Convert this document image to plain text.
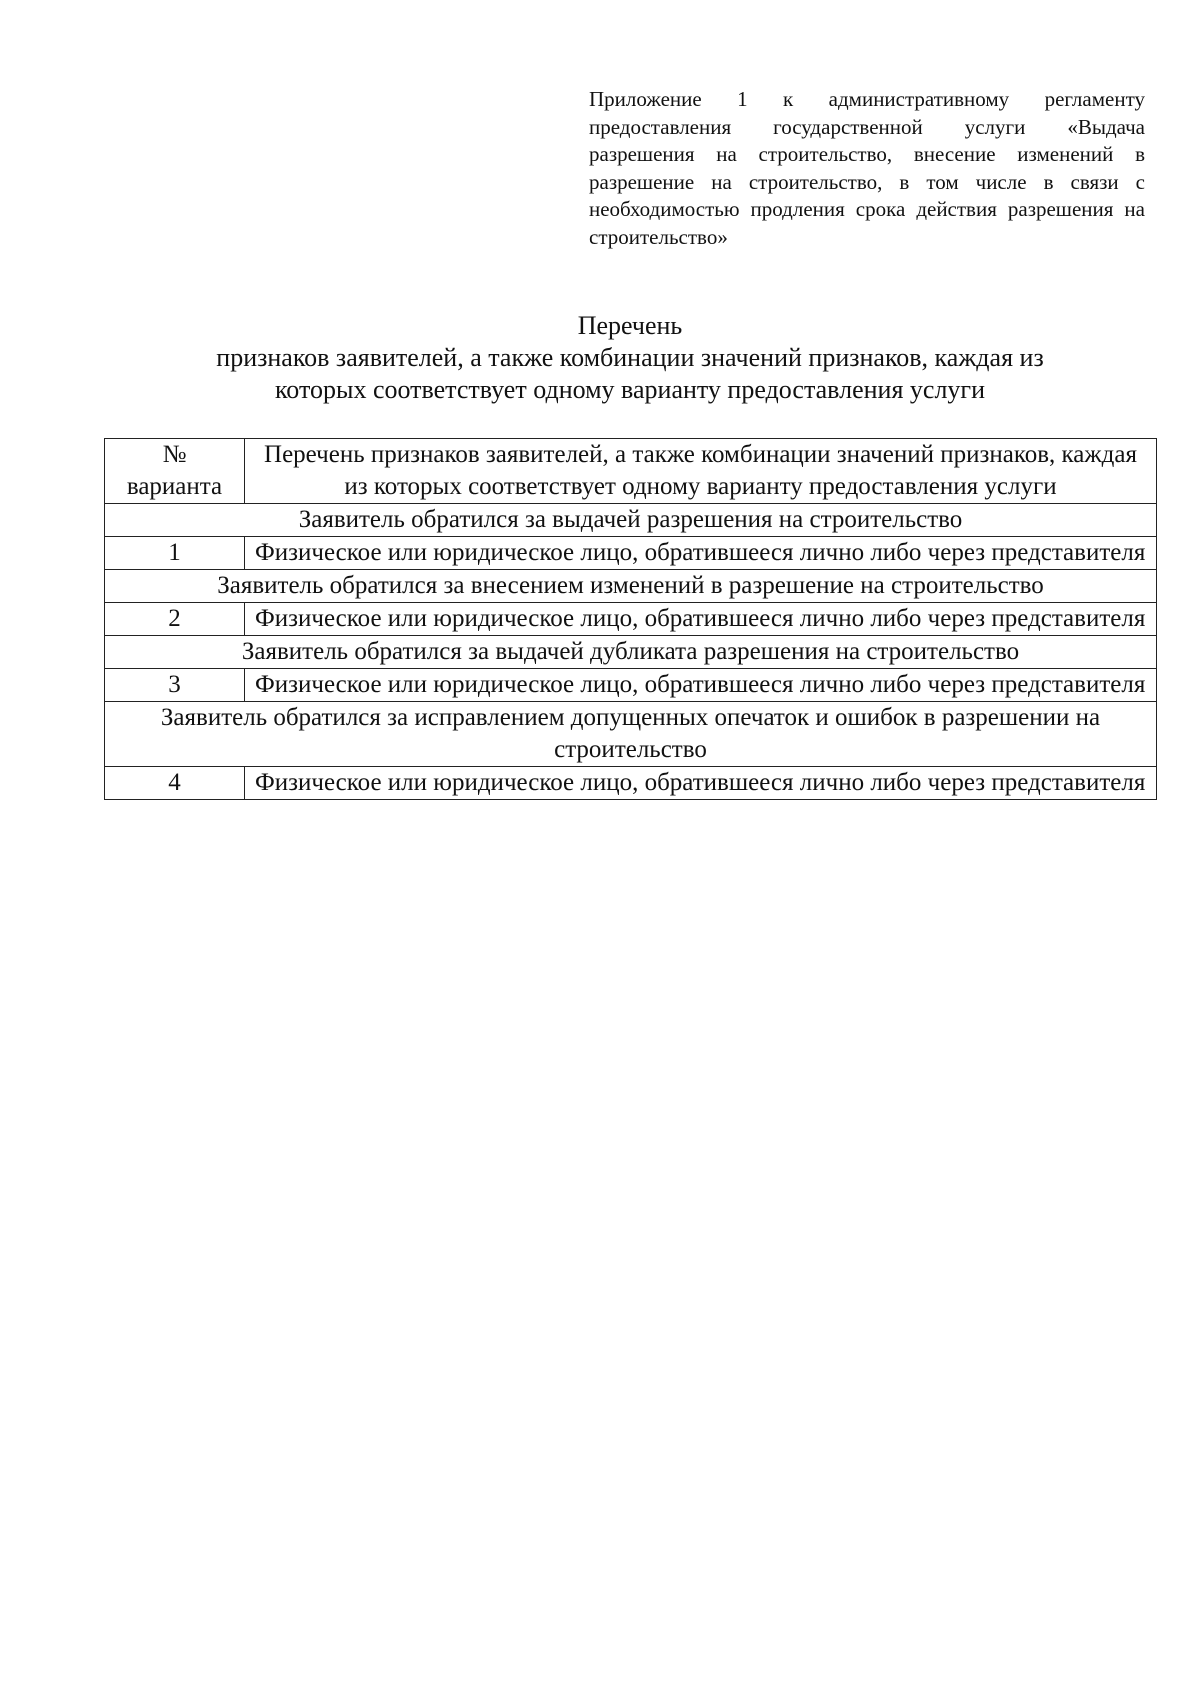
Приложение 1 к административному регламенту предоставления государственной услуги «Выдача разрешения на строительство, внесение изменений в разрешение на строительство, в том числе в связи с необходимостью продления срока действия разрешения на строительство»
Перечень
признаков заявителей, а также комбинации значений признаков, каждая из
которых соответствует одному варианту предоставления услуги
№ варианта	Перечень признаков заявителей, а также комбинации значений признаков, каждая из которых соответствует одному варианту предоставления услуги
Заявитель обратился за выдачей разрешения на строительство	
1	Физическое или юридическое лицо, обратившееся лично либо через представителя
Заявитель обратился за внесением изменений в разрешение на строительство	
2	Физическое или юридическое лицо, обратившееся лично либо через представителя
Заявитель обратился за выдачей дубликата разрешения на строительство	
3	Физическое или юридическое лицо, обратившееся лично либо через представителя
Заявитель обратился за исправлением допущенных опечаток и ошибок в разрешении на строительство	
4	Физическое или юридическое лицо, обратившееся лично либо через представителя
